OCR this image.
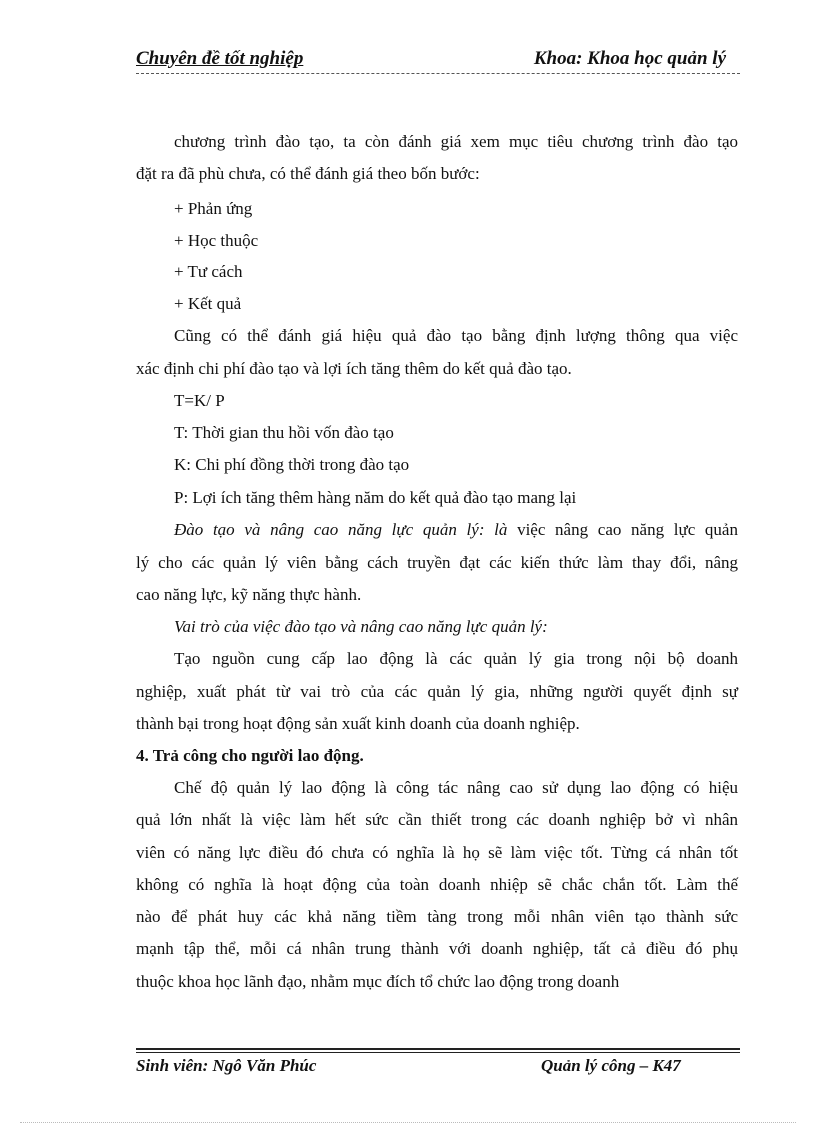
Chuyên đề tốt nghiệp	Khoa: Khoa học quản lý
chương trình đào tạo, ta còn đánh giá xem mục tiêu chương trình đào tạo
đặt ra đã phù chưa, có thể đánh giá theo bốn bước:
+ Phản ứng
+ Học thuộc
+ Tư cách
+ Kết quả
Cũng có thể đánh giá hiệu quả đào tạo bằng định lượng thông qua việc
xác định chi phí đào tạo và lợi ích tăng thêm do kết quả đào tạo.
T=K/ P
T: Thời gian thu hồi vốn đào tạo
K: Chi phí đồng thời trong đào tạo
P: Lợi ích tăng thêm hàng năm do kết quả đào tạo mang lại
Đào tạo và nâng cao năng lực quản lý: là việc nâng cao năng lực quản
lý cho các quản lý viên bằng cách truyền đạt các kiến thức làm thay đổi, nâng
cao năng lực, kỹ năng thực hành.
Vai trò của việc đào tạo và nâng cao năng lực quản lý:
Tạo nguồn cung cấp lao động là các quản lý gia trong nội bộ doanh
nghiệp, xuất phát từ vai trò của các quản lý gia, những người quyết định sự
thành bại trong hoạt động sản xuất kinh doanh của doanh nghiệp.
4. Trả công cho người lao động.
Chế độ quản lý lao động là công tác nâng cao sử dụng lao động có hiệu
quả lớn nhất là việc làm hết sức cần thiết trong các doanh nghiệp bở vì nhân
viên có năng lực điều đó chưa có nghĩa là họ sẽ làm việc tốt. Từng cá nhân tốt
không có nghĩa là hoạt động của toàn doanh nhiệp sẽ chắc chắn tốt. Làm thế
nào để phát huy các khả năng tiềm tàng trong mỗi nhân viên tạo thành sức
mạnh tập thể, mỗi cá nhân trung thành với doanh nghiệp, tất cả điều đó phụ
thuộc khoa học lãnh đạo, nhằm mục đích tổ chức lao động trong doanh
Sinh viên: Ngô Văn Phúc	Quản lý công – K47
